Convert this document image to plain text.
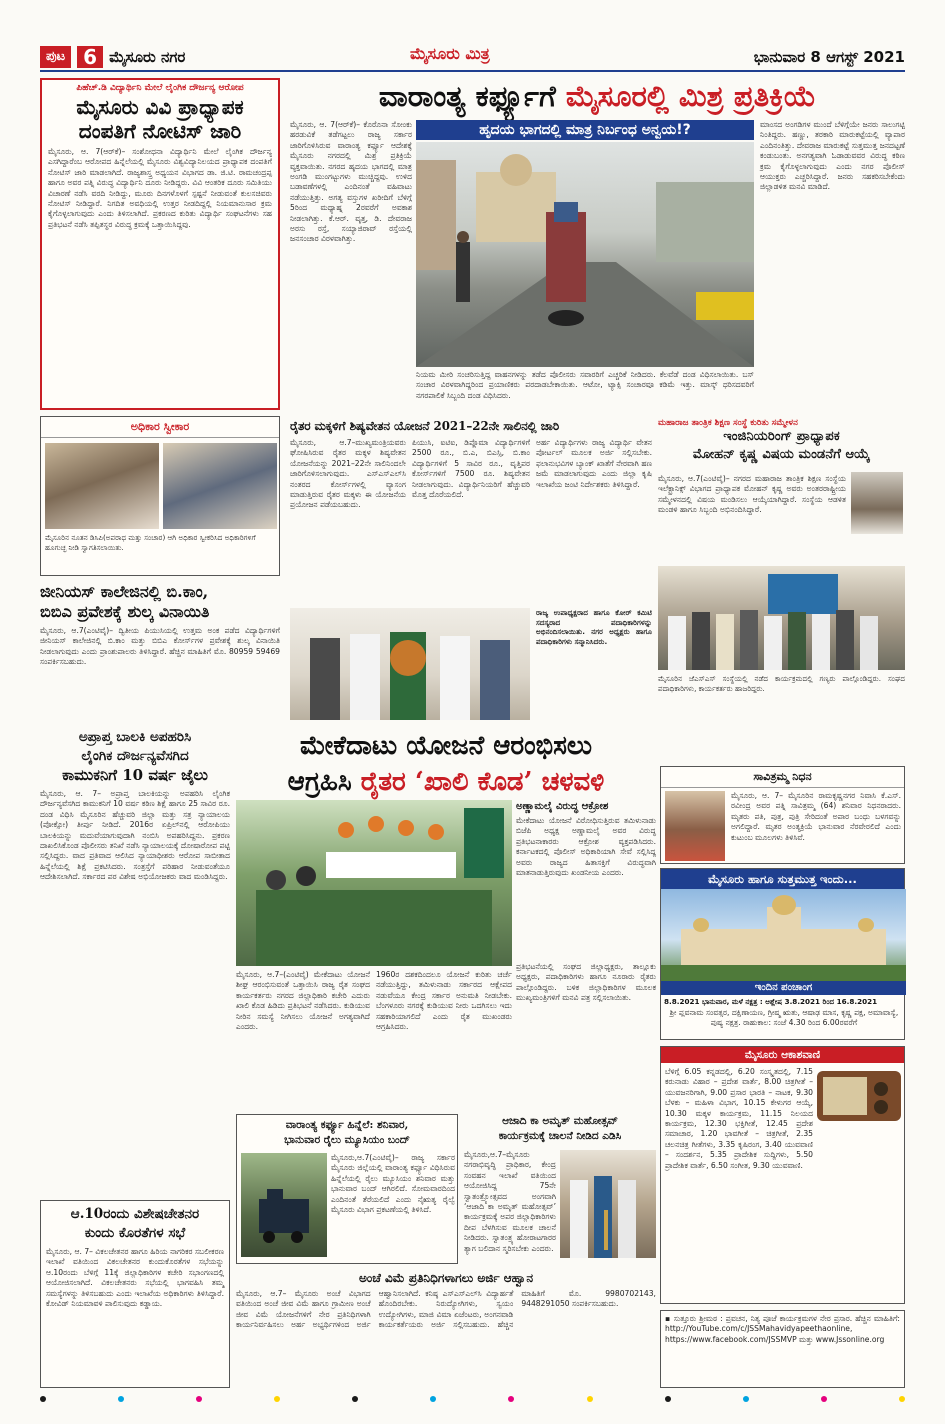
ಪುಟ 6 ಮೈಸೂರು ನಗರ	ಮೈಸೂರು ಮಿತ್ರ	ಭಾನುವಾರ 8 ಆಗಸ್ಟ್ 2021
ಪಿಹೆಚ್.ಡಿ ವಿದ್ಯಾರ್ಥಿನಿ ಮೇಲೆ ಲೈಂಗಿಕ ದೌರ್ಜನ್ಯ ಆರೋಪ
ಮೈಸೂರು ವಿವಿ ಪ್ರಾಧ್ಯಾಪಕ
ದಂಪತಿಗೆ ನೋಟಿಸ್ ಜಾರಿ
ಮೈಸೂರು, ಆ. 7(ಆರ್‌ಕೆ)– ಸಂಶೋಧನಾ ವಿದ್ಯಾರ್ಥಿನಿ ಮೇಲೆ ಲೈಂಗಿಕ ದೌರ್ಜನ್ಯ ಎಸಗಿದ್ದಾರೆಂಬ ಆರೋಪದ ಹಿನ್ನೆಲೆಯಲ್ಲಿ ಮೈಸೂರು ವಿಶ್ವವಿದ್ಯಾನಿಲಯದ ಪ್ರಾಧ್ಯಾಪಕ ದಂಪತಿಗೆ ನೋಟಿಸ್ ಜಾರಿ ಮಾಡಲಾಗಿದೆ. ರಾಜ್ಯಶಾಸ್ತ್ರ ಅಧ್ಯಯನ ವಿಭಾಗದ ಡಾ. ಜಿ.ಟಿ. ರಾಮಚಂದ್ರಪ್ಪ ಹಾಗೂ ಅವರ ಪತ್ನಿ ವಿರುದ್ಧ ವಿದ್ಯಾರ್ಥಿನಿ ದೂರು ನೀಡಿದ್ದರು. ವಿವಿ ಆಂತರಿಕ ದೂರು ಸಮಿತಿಯು ವಿಚಾರಣೆ ನಡೆಸಿ ವರದಿ ನೀಡಿದ್ದು, ಮೂರು ದಿನಗಳೊಳಗೆ ಸ್ಪಷ್ಟನೆ ನೀಡುವಂತೆ ಕುಲಸಚಿವರು ನೋಟಿಸ್ ನೀಡಿದ್ದಾರೆ. ನಿಗದಿತ ಅವಧಿಯಲ್ಲಿ ಉತ್ತರ ನೀಡದಿದ್ದಲ್ಲಿ ನಿಯಮಾನುಸಾರ ಕ್ರಮ ಕೈಗೊಳ್ಳಲಾಗುವುದು ಎಂದು ತಿಳಿಸಲಾಗಿದೆ. ಪ್ರಕರಣದ ಕುರಿತು ವಿದ್ಯಾರ್ಥಿ ಸಂಘಟನೆಗಳು ಸಹ ಪ್ರತಿಭಟನೆ ನಡೆಸಿ ತಪ್ಪಿತಸ್ಥರ ವಿರುದ್ಧ ಕ್ರಮಕ್ಕೆ ಒತ್ತಾಯಿಸಿದ್ದವು.
ಅಧಿಕಾರ ಸ್ವೀಕಾರ
ಮೈಸೂರಿನ ನೂತನ ಡಿಸಿಪಿ(ಅಪರಾಧ ಮತ್ತು ಸಂಚಾರ) ಆಗಿ ಅಧಿಕಾರ ಸ್ವೀಕರಿಸಿದ ಅಧಿಕಾರಿಗಳಿಗೆ ಹೂಗುಚ್ಛ ನೀಡಿ ಸ್ವಾಗತಿಸಲಾಯಿತು.
ಜೀನಿಯಸ್ ಕಾಲೇಜಿನಲ್ಲಿ ಬಿ.ಕಾಂ,
ಬಿಬಿಎ ಪ್ರವೇಶಕ್ಕೆ ಶುಲ್ಕ ವಿನಾಯಿತಿ
ಮೈಸೂರು, ಆ.7(ಎಂಟಿವೈ)– ದ್ವಿತೀಯ ಪಿಯುಸಿಯಲ್ಲಿ ಉತ್ತಮ ಅಂಕ ಪಡೆದ ವಿದ್ಯಾರ್ಥಿಗಳಿಗೆ ಜೀನಿಯಸ್ ಕಾಲೇಜಿನಲ್ಲಿ ಬಿ.ಕಾಂ ಮತ್ತು ಬಿಬಿಎ ಕೋರ್ಸ್‌ಗಳ ಪ್ರವೇಶಕ್ಕೆ ಶುಲ್ಕ ವಿನಾಯಿತಿ ನೀಡಲಾಗುವುದು ಎಂದು ಪ್ರಾಂಶುಪಾಲರು ತಿಳಿಸಿದ್ದಾರೆ. ಹೆಚ್ಚಿನ ಮಾಹಿತಿಗೆ ಮೊ. 80959 59469 ಸಂಪರ್ಕಿಸಬಹುದು.
ಅಪ್ರಾಪ್ತ ಬಾಲಕಿ ಅಪಹರಿಸಿ
ಲೈಂಗಿಕ ದೌರ್ಜನ್ಯವೆಸಗಿದ
ಕಾಮುಕನಿಗೆ 10 ವರ್ಷ ಜೈಲು
ಮೈಸೂರು, ಆ. 7– ಅಪ್ರಾಪ್ತ ಬಾಲಕಿಯನ್ನು ಅಪಹರಿಸಿ ಲೈಂಗಿಕ ದೌರ್ಜನ್ಯವೆಸಗಿದ ಕಾಮುಕನಿಗೆ 10 ವರ್ಷ ಕಠಿಣ ಶಿಕ್ಷೆ ಹಾಗೂ 25 ಸಾವಿರ ರೂ. ದಂಡ ವಿಧಿಸಿ ಮೈಸೂರಿನ ಹೆಚ್ಚುವರಿ ಜಿಲ್ಲಾ ಮತ್ತು ಸತ್ರ ನ್ಯಾಯಾಲಯ (ಪೋಕ್ಸೋ) ತೀರ್ಪು ನೀಡಿದೆ. 2016ರ ಏಪ್ರಿಲ್‌ನಲ್ಲಿ ಆರೋಪಿಯು ಬಾಲಕಿಯನ್ನು ಮದುವೆಯಾಗುವುದಾಗಿ ನಂಬಿಸಿ ಅಪಹರಿಸಿದ್ದನು. ಪ್ರಕರಣ ದಾಖಲಿಸಿಕೊಂಡ ಪೊಲೀಸರು ತನಿಖೆ ನಡೆಸಿ ನ್ಯಾಯಾಲಯಕ್ಕೆ ದೋಷಾರೋಪ ಪಟ್ಟಿ ಸಲ್ಲಿಸಿದ್ದರು. ವಾದ ಪ್ರತಿವಾದ ಆಲಿಸಿದ ನ್ಯಾಯಾಧೀಶರು ಆರೋಪ ಸಾಬೀತಾದ ಹಿನ್ನೆಲೆಯಲ್ಲಿ ಶಿಕ್ಷೆ ಪ್ರಕಟಿಸಿದರು. ಸಂತ್ರಸ್ತೆಗೆ ಪರಿಹಾರ ನೀಡುವಂತೆಯೂ ಆದೇಶಿಸಲಾಗಿದೆ. ಸರ್ಕಾರದ ಪರ ವಿಶೇಷ ಅಭಿಯೋಜಕರು ವಾದ ಮಂಡಿಸಿದ್ದರು.
ಆ.10ರಂದು ವಿಶೇಷಚೇತನರ
ಕುಂದು ಕೊರತೆಗಳ ಸಭೆ
ಮೈಸೂರು, ಆ. 7– ವಿಕಲಚೇತನರ ಹಾಗೂ ಹಿರಿಯ ನಾಗರಿಕರ ಸಬಲೀಕರಣ ಇಲಾಖೆ ವತಿಯಿಂದ ವಿಕಲಚೇತನರ ಕುಂದುಕೊರತೆಗಳ ಸಭೆಯನ್ನು ಆ.10ರಂದು ಬೆಳಿಗ್ಗೆ 11ಕ್ಕೆ ಜಿಲ್ಲಾಧಿಕಾರಿಗಳ ಕಚೇರಿ ಸಭಾಂಗಣದಲ್ಲಿ ಆಯೋಜಿಸಲಾಗಿದೆ. ವಿಕಲಚೇತನರು ಸಭೆಯಲ್ಲಿ ಭಾಗವಹಿಸಿ ತಮ್ಮ ಸಮಸ್ಯೆಗಳನ್ನು ತಿಳಿಸಬಹುದು ಎಂದು ಇಲಾಖೆಯ ಅಧಿಕಾರಿಗಳು ತಿಳಿಸಿದ್ದಾರೆ. ಕೋವಿಡ್ ನಿಯಮಾವಳಿ ಪಾಲಿಸುವುದು ಕಡ್ಡಾಯ.
ವಾರಾಂತ್ಯ ಕರ್ಫ್ಯೂಗೆ ಮೈಸೂರಲ್ಲಿ ಮಿಶ್ರ ಪ್ರತಿಕ್ರಿಯೆ
ಮೈಸೂರು, ಆ. 7(ಆರ್‌ಕೆ)– ಕೊರೊನಾ ಸೋಂಕು ಹರಡುವಿಕೆ ತಡೆಗಟ್ಟಲು ರಾಜ್ಯ ಸರ್ಕಾರ ಜಾರಿಗೊಳಿಸಿರುವ ವಾರಾಂತ್ಯ ಕರ್ಫ್ಯೂ ಆದೇಶಕ್ಕೆ ಮೈಸೂರು ನಗರದಲ್ಲಿ ಮಿಶ್ರ ಪ್ರತಿಕ್ರಿಯೆ ವ್ಯಕ್ತವಾಯಿತು. ನಗರದ ಹೃದಯ ಭಾಗದಲ್ಲಿ ಮಾತ್ರ ಅಂಗಡಿ ಮುಂಗಟ್ಟುಗಳು ಮುಚ್ಚಿದ್ದವು. ಉಳಿದ ಬಡಾವಣೆಗಳಲ್ಲಿ ಎಂದಿನಂತೆ ವಹಿವಾಟು ನಡೆಯುತ್ತಿತ್ತು. ಅಗತ್ಯ ವಸ್ತುಗಳ ಖರೀದಿಗೆ ಬೆಳಿಗ್ಗೆ 5ರಿಂದ ಮಧ್ಯಾಹ್ನ 2ರವರೆಗೆ ಅವಕಾಶ ನೀಡಲಾಗಿತ್ತು. ಕೆ.ಆರ್. ವೃತ್ತ, ಡಿ. ದೇವರಾಜ ಅರಸು ರಸ್ತೆ, ಸಯ್ಯಾಜಿರಾವ್ ರಸ್ತೆಯಲ್ಲಿ ಜನಸಂಚಾರ ವಿರಳವಾಗಿತ್ತು.
ಹೃದಯ ಭಾಗದಲ್ಲಿ ಮಾತ್ರ ನಿರ್ಬಂಧ ಅನ್ವಯ!?
ನಿಯಮ ಮೀರಿ ಸಂಚರಿಸುತ್ತಿದ್ದ ವಾಹನಗಳನ್ನು ತಡೆದ ಪೊಲೀಸರು ಸವಾರರಿಗೆ ಎಚ್ಚರಿಕೆ ನೀಡಿದರು. ಕೆಲವೆಡೆ ದಂಡ ವಿಧಿಸಲಾಯಿತು. ಬಸ್ ಸಂಚಾರ ವಿರಳವಾಗಿದ್ದರಿಂದ ಪ್ರಯಾಣಿಕರು ಪರದಾಡಬೇಕಾಯಿತು. ಆಟೋ, ಟ್ಯಾಕ್ಸಿ ಸಂಚಾರವೂ ಕಡಿಮೆ ಇತ್ತು. ಮಾಸ್ಕ್ ಧರಿಸದವರಿಗೆ ನಗರಪಾಲಿಕೆ ಸಿಬ್ಬಂದಿ ದಂಡ ವಿಧಿಸಿದರು.
ಮಾಂಸದ ಅಂಗಡಿಗಳ ಮುಂದೆ ಬೆಳಿಗ್ಗೆಯೇ ಜನರು ಸಾಲುಗಟ್ಟಿ ನಿಂತಿದ್ದರು. ಹಣ್ಣು, ತರಕಾರಿ ಮಾರುಕಟ್ಟೆಯಲ್ಲಿ ವ್ಯಾಪಾರ ಎಂದಿನಂತಿತ್ತು. ದೇವರಾಜ ಮಾರುಕಟ್ಟೆ ಸುತ್ತಮುತ್ತ ಜನದಟ್ಟಣೆ ಕಂಡುಬಂತು. ಅನಗತ್ಯವಾಗಿ ಓಡಾಡುವವರ ವಿರುದ್ಧ ಕಠಿಣ ಕ್ರಮ ಕೈಗೊಳ್ಳಲಾಗುವುದು ಎಂದು ನಗರ ಪೊಲೀಸ್ ಆಯುಕ್ತರು ಎಚ್ಚರಿಸಿದ್ದಾರೆ. ಜನರು ಸಹಕರಿಸಬೇಕೆಂದು ಜಿಲ್ಲಾಡಳಿತ ಮನವಿ ಮಾಡಿದೆ.
ರೈತರ ಮಕ್ಕಳಿಗೆ ಶಿಷ್ಯವೇತನ ಯೋಜನೆ 2021–22ನೇ ಸಾಲಿನಲ್ಲಿ ಜಾರಿ
ಮೈಸೂರು, ಆ.7–ಮುಖ್ಯಮಂತ್ರಿಯವರು ಘೋಷಿಸಿರುವ ರೈತರ ಮಕ್ಕಳ ಶಿಷ್ಯವೇತನ ಯೋಜನೆಯನ್ನು 2021–22ನೇ ಸಾಲಿನಿಂದಲೇ ಜಾರಿಗೊಳಿಸಲಾಗುವುದು. ಎಸ್‌ಎಸ್‌ಎಲ್‌ಸಿ ನಂತರದ ಕೋರ್ಸ್‌ಗಳಲ್ಲಿ ವ್ಯಾಸಂಗ ಮಾಡುತ್ತಿರುವ ರೈತರ ಮಕ್ಕಳು ಈ ಯೋಜನೆಯ ಪ್ರಯೋಜನ ಪಡೆಯಬಹುದು.
ಪಿಯುಸಿ, ಐಟಿಐ, ಡಿಪ್ಲೊಮಾ ವಿದ್ಯಾರ್ಥಿಗಳಿಗೆ 2500 ರೂ., ಬಿ.ಎ, ಬಿಎಸ್ಸಿ, ಬಿ.ಕಾಂ ವಿದ್ಯಾರ್ಥಿಗಳಿಗೆ 5 ಸಾವಿರ ರೂ., ವೃತ್ತಿಪರ ಕೋರ್ಸ್‌ಗಳಿಗೆ 7500 ರೂ. ಶಿಷ್ಯವೇತನ ನೀಡಲಾಗುವುದು. ವಿದ್ಯಾರ್ಥಿನಿಯರಿಗೆ ಹೆಚ್ಚುವರಿ ಮೊತ್ತ ದೊರೆಯಲಿದೆ.
ಅರ್ಹ ವಿದ್ಯಾರ್ಥಿಗಳು ರಾಜ್ಯ ವಿದ್ಯಾರ್ಥಿ ವೇತನ ಪೋರ್ಟಲ್ ಮೂಲಕ ಅರ್ಜಿ ಸಲ್ಲಿಸಬೇಕು. ಫಲಾನುಭವಿಗಳ ಬ್ಯಾಂಕ್ ಖಾತೆಗೆ ನೇರವಾಗಿ ಹಣ ಜಮೆ ಮಾಡಲಾಗುವುದು ಎಂದು ಜಿಲ್ಲಾ ಕೃಷಿ ಇಲಾಖೆಯ ಜಂಟಿ ನಿರ್ದೇಶಕರು ತಿಳಿಸಿದ್ದಾರೆ.
ರಾಜ್ಯ ಉಪಾಧ್ಯಕ್ಷರಾದ ಹಾಗೂ ಕೋರ್ ಕಮಿಟಿ ಸದಸ್ಯರಾದ ಪದಾಧಿಕಾರಿಗಳನ್ನು ಅಭಿನಂದಿಸಲಾಯಿತು. ನಗರ ಅಧ್ಯಕ್ಷರು ಹಾಗೂ ಪದಾಧಿಕಾರಿಗಳು ಸನ್ಮಾನಿಸಿದರು.
ಮಹಾರಾಜ ತಾಂತ್ರಿಕ ಶಿಕ್ಷಣ ಸಂಸ್ಥೆ ಕುರಿತು ಸಮ್ಮೇಳನ
ಇಂಜಿನಿಯರಿಂಗ್ ಪ್ರಾಧ್ಯಾಪಕ
ಮೋಹನ್ ಕೃಷ್ಣ ವಿಷಯ ಮಂಡನೆಗೆ ಆಯ್ಕೆ
ಮೈಸೂರು, ಆ.7(ಎಂಟಿವೈ)– ನಗರದ ಮಹಾರಾಜ ತಾಂತ್ರಿಕ ಶಿಕ್ಷಣ ಸಂಸ್ಥೆಯ ಇಲೆಕ್ಟ್ರಾನಿಕ್ಸ್ ವಿಭಾಗದ ಪ್ರಾಧ್ಯಾಪಕ ಮೋಹನ್ ಕೃಷ್ಣ ಅವರು ಅಂತರರಾಷ್ಟ್ರೀಯ ಸಮ್ಮೇಳನದಲ್ಲಿ ವಿಷಯ ಮಂಡಿಸಲು ಆಯ್ಕೆಯಾಗಿದ್ದಾರೆ. ಸಂಸ್ಥೆಯ ಆಡಳಿತ ಮಂಡಳಿ ಹಾಗೂ ಸಿಬ್ಬಂದಿ ಅಭಿನಂದಿಸಿದ್ದಾರೆ.
ಮೈಸೂರಿನ ಜೆಎಸ್‌ಎಸ್ ಸಂಸ್ಥೆಯಲ್ಲಿ ನಡೆದ ಕಾರ್ಯಕ್ರಮದಲ್ಲಿ ಗಣ್ಯರು ಪಾಲ್ಗೊಂಡಿದ್ದರು. ಸಂಘದ ಪದಾಧಿಕಾರಿಗಳು, ಕಾರ್ಯಕರ್ತರು ಹಾಜರಿದ್ದರು.
ಮೇಕೆದಾಟು ಯೋಜನೆ ಆರಂಭಿಸಲು
ಆಗ್ರಹಿಸಿ ರೈತರ ‘ಖಾಲಿ ಕೊಡ’ ಚಳವಳಿ
ಮೈಸೂರು, ಆ.7–(ಎಂಟಿವೈ) ಮೇಕೆದಾಟು ಯೋಜನೆ ಶೀಘ್ರ ಆರಂಭಿಸುವಂತೆ ಒತ್ತಾಯಿಸಿ ರಾಜ್ಯ ರೈತ ಸಂಘದ ಕಾರ್ಯಕರ್ತರು ನಗರದ ಜಿಲ್ಲಾಧಿಕಾರಿ ಕಚೇರಿ ಎದುರು ಖಾಲಿ ಕೊಡ ಹಿಡಿದು ಪ್ರತಿಭಟನೆ ನಡೆಸಿದರು. ಕುಡಿಯುವ ನೀರಿನ ಸಮಸ್ಯೆ ನೀಗಿಸಲು ಯೋಜನೆ ಅಗತ್ಯವಾಗಿದೆ ಎಂದರು.
1960ರ ದಶಕದಿಂದಲೂ ಯೋಜನೆ ಕುರಿತು ಚರ್ಚೆ ನಡೆಯುತ್ತಿದ್ದು, ತಮಿಳುನಾಡು ಸರ್ಕಾರದ ಆಕ್ಷೇಪದ ನಡುವೆಯೂ ಕೇಂದ್ರ ಸರ್ಕಾರ ಅನುಮತಿ ನೀಡಬೇಕು. ಬೆಂಗಳೂರು ನಗರಕ್ಕೆ ಕುಡಿಯುವ ನೀರು ಒದಗಿಸಲು ಇದು ಸಹಕಾರಿಯಾಗಲಿದೆ ಎಂದು ರೈತ ಮುಖಂಡರು ಆಗ್ರಹಿಸಿದರು.
ಅಣ್ಣಾಮಲೈ ವಿರುದ್ಧ ಆಕ್ರೋಶ
ಮೇಕೆದಾಟು ಯೋಜನೆ ವಿರೋಧಿಸುತ್ತಿರುವ ತಮಿಳುನಾಡು ಬಿಜೆಪಿ ಅಧ್ಯಕ್ಷ ಅಣ್ಣಾಮಲೈ ಅವರ ವಿರುದ್ಧ ಪ್ರತಿಭಟನಾಕಾರರು ಆಕ್ರೋಶ ವ್ಯಕ್ತಪಡಿಸಿದರು. ಕರ್ನಾಟಕದಲ್ಲಿ ಪೊಲೀಸ್ ಅಧಿಕಾರಿಯಾಗಿ ಸೇವೆ ಸಲ್ಲಿಸಿದ್ದ ಅವರು ರಾಜ್ಯದ ಹಿತಾಸಕ್ತಿಗೆ ವಿರುದ್ಧವಾಗಿ ಮಾತನಾಡುತ್ತಿರುವುದು ಖಂಡನೀಯ ಎಂದರು.
ಪ್ರತಿಭಟನೆಯಲ್ಲಿ ಸಂಘದ ಜಿಲ್ಲಾಧ್ಯಕ್ಷರು, ತಾಲ್ಲೂಕು ಅಧ್ಯಕ್ಷರು, ಪದಾಧಿಕಾರಿಗಳು ಹಾಗೂ ನೂರಾರು ರೈತರು ಪಾಲ್ಗೊಂಡಿದ್ದರು. ಬಳಿಕ ಜಿಲ್ಲಾಧಿಕಾರಿಗಳ ಮೂಲಕ ಮುಖ್ಯಮಂತ್ರಿಗಳಿಗೆ ಮನವಿ ಪತ್ರ ಸಲ್ಲಿಸಲಾಯಿತು.
ವಾರಾಂತ್ಯ ಕರ್ಫ್ಯೂ ಹಿನ್ನೆಲೆ: ಶನಿವಾರ,
ಭಾನುವಾರ ರೈಲು ಮ್ಯೂಸಿಯಂ ಬಂದ್
ಮೈಸೂರು,ಆ.7(ಎಂಟಿವೈ)– ರಾಜ್ಯ ಸರ್ಕಾರ ಮೈಸೂರು ಜಿಲ್ಲೆಯಲ್ಲಿ ವಾರಾಂತ್ಯ ಕರ್ಫ್ಯೂ ವಿಧಿಸಿರುವ ಹಿನ್ನೆಲೆಯಲ್ಲಿ ರೈಲು ಮ್ಯೂಸಿಯಂ ಶನಿವಾರ ಮತ್ತು ಭಾನುವಾರ ಬಂದ್ ಆಗಿರಲಿದೆ. ಸೋಮವಾರದಿಂದ ಎಂದಿನಂತೆ ತೆರೆಯಲಿದೆ ಎಂದು ನೈಋತ್ಯ ರೈಲ್ವೆ ಮೈಸೂರು ವಿಭಾಗ ಪ್ರಕಟಣೆಯಲ್ಲಿ ತಿಳಿಸಿದೆ.
ಆಜಾದಿ ಕಾ ಅಮೃತ್ ಮಹೋತ್ಸವ್
ಕಾರ್ಯಕ್ರಮಕ್ಕೆ ಚಾಲನೆ ನೀಡಿದ ಎಡಿಸಿ
ಮೈಸೂರು,ಆ.7–ಮೈಸೂರು ನಗರಾಭಿವೃದ್ಧಿ ಪ್ರಾಧಿಕಾರ, ಕೇಂದ್ರ ಸಂವಹನ ಇಲಾಖೆ ವತಿಯಿಂದ ಆಯೋಜಿಸಿದ್ದ 75ನೇ ಸ್ವಾತಂತ್ರ್ಯೋತ್ಸವದ ಅಂಗವಾಗಿ ‘ಆಜಾದಿ ಕಾ ಅಮೃತ್ ಮಹೋತ್ಸವ್’ ಕಾರ್ಯಕ್ರಮಕ್ಕೆ ಅಪರ ಜಿಲ್ಲಾಧಿಕಾರಿಗಳು ದೀಪ ಬೆಳಗಿಸುವ ಮೂಲಕ ಚಾಲನೆ ನೀಡಿದರು. ಸ್ವಾತಂತ್ರ್ಯ ಹೋರಾಟಗಾರರ ತ್ಯಾಗ ಬಲಿದಾನ ಸ್ಮರಿಸಬೇಕು ಎಂದರು.
ಅಂಚೆ ವಿಮೆ ಪ್ರತಿನಿಧಿಗಳಾಗಲು ಅರ್ಜಿ ಆಹ್ವಾನ
ಮೈಸೂರು, ಆ.7– ಮೈಸೂರು ಅಂಚೆ ವಿಭಾಗದ ವತಿಯಿಂದ ಅಂಚೆ ಜೀವ ವಿಮೆ ಹಾಗೂ ಗ್ರಾಮೀಣ ಅಂಚೆ ಜೀವ ವಿಮೆ ಯೋಜನೆಗಳಿಗೆ ನೇರ ಪ್ರತಿನಿಧಿಗಳಾಗಿ ಕಾರ್ಯನಿರ್ವಹಿಸಲು ಅರ್ಹ ಅಭ್ಯರ್ಥಿಗಳಿಂದ ಅರ್ಜಿ ಆಹ್ವಾನಿಸಲಾಗಿದೆ. ಕನಿಷ್ಠ ಎಸ್‌ಎಸ್‌ಎಲ್‌ಸಿ ವಿದ್ಯಾರ್ಹತೆ ಹೊಂದಿರಬೇಕು. ನಿರುದ್ಯೋಗಿಗಳು, ಸ್ವಯಂ ಉದ್ಯೋಗಿಗಳು, ಮಾಜಿ ವಿಮಾ ಏಜೆಂಟರು, ಅಂಗನವಾಡಿ ಕಾರ್ಯಕರ್ತೆಯರು ಅರ್ಜಿ ಸಲ್ಲಿಸಬಹುದು. ಹೆಚ್ಚಿನ ಮಾಹಿತಿಗೆ ಮೊ. 9980702143, 9448291050 ಸಂಪರ್ಕಿಸಬಹುದು.
ಸಾವಿತ್ರಮ್ಮ ನಿಧನ
ಮೈಸೂರು, ಆ. 7– ಮೈಸೂರಿನ ರಾಮಕೃಷ್ಣನಗರ ನಿವಾಸಿ ಕೆ.ಎಸ್. ರವೀಂದ್ರ ಅವರ ಪತ್ನಿ ಸಾವಿತ್ರಮ್ಮ (64) ಶನಿವಾರ ನಿಧನರಾದರು. ಮೃತರು ಪತಿ, ಪುತ್ರ, ಪುತ್ರಿ ಸೇರಿದಂತೆ ಅಪಾರ ಬಂಧು ಬಳಗವನ್ನು ಅಗಲಿದ್ದಾರೆ. ಮೃತರ ಅಂತ್ಯಕ್ರಿಯೆ ಭಾನುವಾರ ನೆರವೇರಲಿದೆ ಎಂದು ಕುಟುಂಬ ಮೂಲಗಳು ತಿಳಿಸಿವೆ.
ಮೈಸೂರು ಹಾಗೂ ಸುತ್ತಮುತ್ತ ಇಂದು...
ಇಂದಿನ ಪಂಚಾಂಗ
8.8.2021 ಭಾನುವಾರ, ಮಳೆ ನಕ್ಷತ್ರ : ಆಶ್ಲೇಷ 3.8.2021 ರಿಂದ 16.8.2021
ಶ್ರೀ ಪ್ಲವನಾಮ ಸಂವತ್ಸರ, ದಕ್ಷಿಣಾಯಣ, ಗ್ರೀಷ್ಮ ಋತು, ಆಷಾಢ ಮಾಸ, ಕೃಷ್ಣ ಪಕ್ಷ, ಅಮಾವಾಸ್ಯೆ, ಪುಷ್ಯ ನಕ್ಷತ್ರ. ರಾಹುಕಾಲ: ಸಂಜೆ 4.30 ರಿಂದ 6.00ರವರೆಗೆ
ಮೈಸೂರು ಆಕಾಶವಾಣಿ
ಬೆಳಿಗ್ಗೆ 6.05 ಕನ್ನಡದಲ್ಲಿ, 6.20 ಸಂಸ್ಕೃತದಲ್ಲಿ, 7.15 ಕರುನಾಡು ವಿಹಾರ – ಪ್ರದೇಶ ವಾರ್ತೆ, 8.00 ಚಿತ್ರಗೀತೆ – ಯುವಜನರಿಗಾಗಿ, 9.00 ಪ್ರಸಾರ ಭಾರತಿ – ನಾಟಕ, 9.30 ಬೆಳಕು – ಮಹಿಳಾ ವಿಭಾಗ, 10.15 ಕೇಳುಗರ ಆಯ್ಕೆ, 10.30 ಮಕ್ಕಳ ಕಾರ್ಯಕ್ರಮ, 11.15 ನಿಲಯದ ಕಾರ್ಯಕ್ರಮ, 12.30 ಭಕ್ತಿಗೀತೆ, 12.45 ಪ್ರದೇಶ ಸಮಾಚಾರ, 1.20 ಭಾವಗೀತೆ – ಚಿತ್ರಗೀತೆ, 2.35 ಚಲನಚಿತ್ರ ಗೀತೆಗಳು, 3.35 ಕೃಷಿರಂಗ, 3.40 ಯುವವಾಣಿ – ಸಂದರ್ಶನ, 5.35 ಪ್ರಾದೇಶಿಕ ಸುದ್ದಿಗಳು, 5.50 ಪ್ರಾದೇಶಿಕ ವಾರ್ತೆ, 6.50 ಸಂಗೀತ, 9.30 ಯುವವಾಣಿ.
▪ ಸುತ್ತೂರು ಶ್ರೀಮಠ : ಪ್ರವಚನ, ನಿತ್ಯ ಪೂಜೆ ಕಾರ್ಯಕ್ರಮಗಳ ನೇರ ಪ್ರಸಾರ. ಹೆಚ್ಚಿನ ಮಾಹಿತಿಗೆ: http://YouTube.com/c/JSSMahavidyapeethaonline, https://www.facebook.com/JSSMVP ಮತ್ತು www.Jssonline.org
